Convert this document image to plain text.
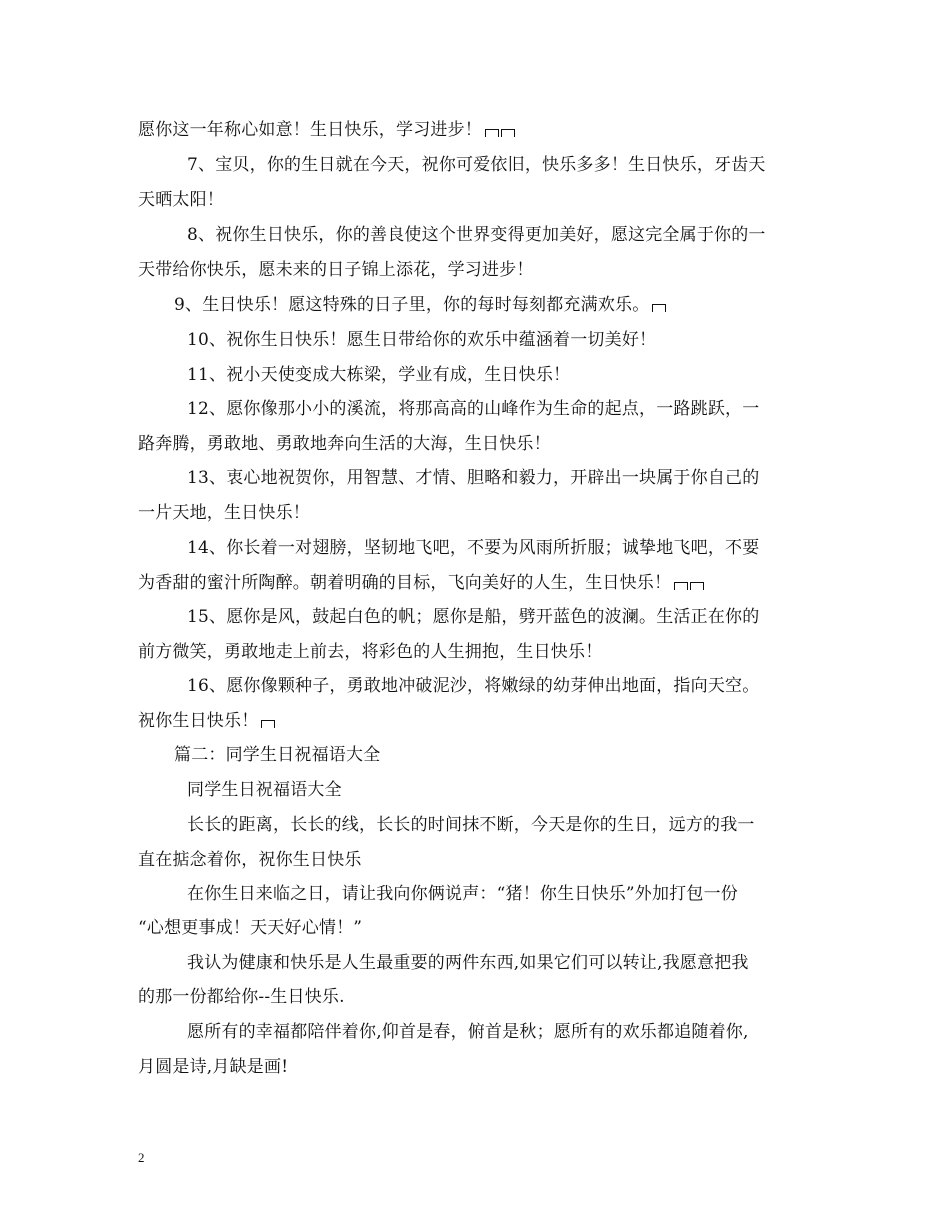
愿你这一年称心如意！生日快乐，学习进步！
7、宝贝，你的生日就在今天，祝你可爱依旧，快乐多多！生日快乐，牙齿天
天晒太阳！
8、祝你生日快乐，你的善良使这个世界变得更加美好，愿这完全属于你的一
天带给你快乐，愿未来的日子锦上添花，学习进步！
9、生日快乐！愿这特殊的日子里，你的每时每刻都充满欢乐。
10、祝你生日快乐！愿生日带给你的欢乐中蕴涵着一切美好！
11、祝小天使变成大栋梁，学业有成，生日快乐！
12、愿你像那小小的溪流，将那高高的山峰作为生命的起点，一路跳跃，一
路奔腾，勇敢地、勇敢地奔向生活的大海，生日快乐！
13、衷心地祝贺你，用智慧、才情、胆略和毅力，开辟出一块属于你自己的
一片天地，生日快乐！
14、你长着一对翅膀，坚韧地飞吧，不要为风雨所折服；诚挚地飞吧，不要
为香甜的蜜汁所陶醉。朝着明确的目标，飞向美好的人生，生日快乐！
15、愿你是风，鼓起白色的帆；愿你是船，劈开蓝色的波澜。生活正在你的
前方微笑，勇敢地走上前去，将彩色的人生拥抱，生日快乐！
16、愿你像颗种子，勇敢地冲破泥沙，将嫩绿的幼芽伸出地面，指向天空。
祝你生日快乐！
篇二：同学生日祝福语大全
同学生日祝福语大全
长长的距离，长长的线，长长的时间抹不断，今天是你的生日，远方的我一
直在掂念着你，祝你生日快乐
在你生日来临之日，请让我向你俩说声：“猪！你生日快乐”外加打包一份
“心想更事成！天天好心情！”
我认为健康和快乐是人生最重要的两件东西,如果它们可以转让,我愿意把我
的那一份都给你--生日快乐.
愿所有的幸福都陪伴着你,仰首是春，俯首是秋；愿所有的欢乐都追随着你,
月圆是诗,月缺是画!
2
